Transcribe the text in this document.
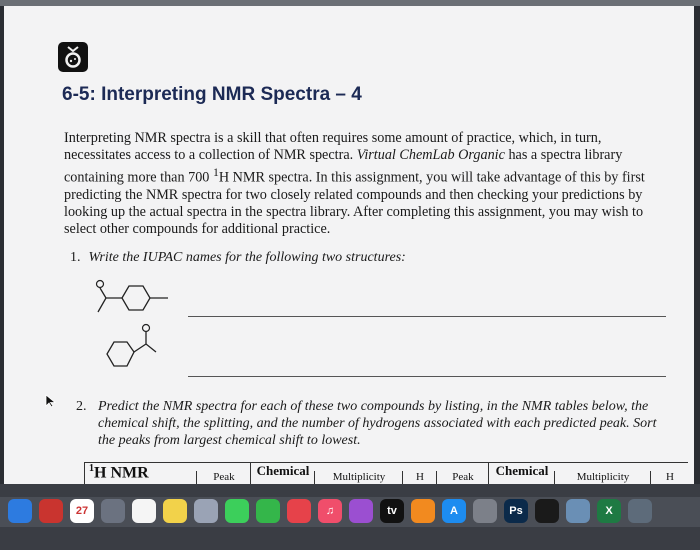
6-5: Interpreting NMR Spectra – 4

Interpreting NMR spectra is a skill that often requires some amount of practice, which, in turn, necessitates access to a collection of NMR spectra. Virtual ChemLab Organic has a spectra library containing more than 700 $^1$H NMR spectra. In this assignment, you will take advantage of this by first predicting the NMR spectra for two closely related compounds and then checking your predictions by looking up the actual spectra in the spectra library. After completing this assignment, you may wish to select other compounds for additional practice.

1. Write the IUPAC names for the following two structures:
2. Predict the NMR spectra for each of these two compounds by listing, in the NMR tables below, the chemical shift, the splitting, and the number of hydrogens associated with each predicted peak. Sort the peaks from largest chemical shift to lowest.
$^1$H NMR	Peak	Chemical	Multiplicity	H	Peak	Chemical	Multiplicity	H
27	♫	tv	A	Ps	X
